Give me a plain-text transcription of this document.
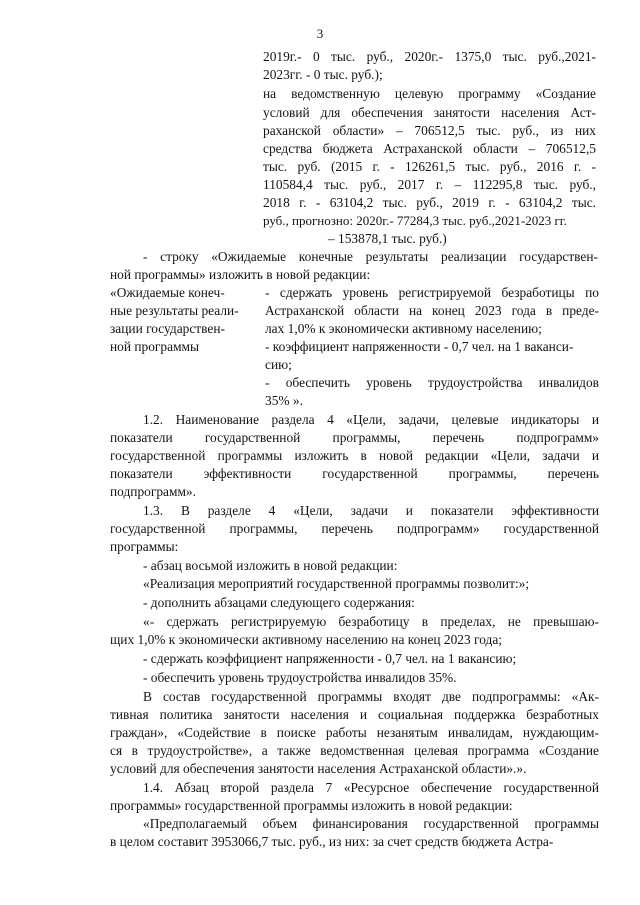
3
2019г.- 0 тыс. руб., 2020г.- 1375,0 тыс. руб.,2021-
2023гг. - 0 тыс. руб.);
на ведомственную целевую программу «Создание
условий для обеспечения занятости населения Аст-
раханской области» – 706512,5 тыс. руб., из них
средства бюджета Астраханской области – 706512,5
тыс. руб. (2015 г. - 126261,5 тыс. руб., 2016 г. -
110584,4 тыс. руб., 2017 г. – 112295,8 тыс. руб.,
2018 г. - 63104,2 тыс. руб., 2019 г. - 63104,2 тыс.
руб., прогнозно: 2020г.- 77284,3 тыс. руб.,2021-2023 гг.
– 153878,1 тыс. руб.)
- строку «Ожидаемые конечные результаты реализации государствен-
ной программы» изложить в новой редакции:
«Ожидаемые конеч-
ные результаты реали-
зации государствен-
ной программы
- сдержать уровень регистрируемой безработицы по
Астраханской области на конец 2023 года в преде-
лах 1,0% к экономически активному населению;
- коэффициент напряженности - 0,7 чел. на 1 ваканси-
сию;
- обеспечить уровень трудоустройства инвалидов
35% ».
1.2. Наименование раздела 4 «Цели, задачи, целевые индикаторы и
показатели государственной программы, перечень подпрограмм»
государственной программы изложить в новой редакции «Цели, задачи и
показатели эффективности государственной программы, перечень
подпрограмм».
1.3. В разделе 4 «Цели, задачи и показатели эффективности
государственной программы, перечень подпрограмм» государственной
программы:
- абзац восьмой изложить в новой редакции:
«Реализация мероприятий государственной программы позволит:»;
- дополнить абзацами следующего содержания:
«- сдержать регистрируемую безработицу в пределах, не превышаю-
щих 1,0% к экономически активному населению на конец 2023 года;
- сдержать коэффициент напряженности - 0,7 чел. на 1 вакансию;
- обеспечить уровень трудоустройства инвалидов 35%.
В состав государственной программы входят две подпрограммы: «Ак-
тивная политика занятости населения и социальная поддержка безработных
граждан», «Содействие в поиске работы незанятым инвалидам, нуждающим-
ся в трудоустройстве», а также ведомственная целевая программа «Создание
условий для обеспечения занятости населения Астраханской области».».
1.4. Абзац второй раздела 7 «Ресурсное обеспечение государственной
программы» государственной программы изложить в новой редакции:
«Предполагаемый объем финансирования государственной программы
в целом составит 3953066,7 тыс. руб., из них: за счет средств бюджета Астра-
